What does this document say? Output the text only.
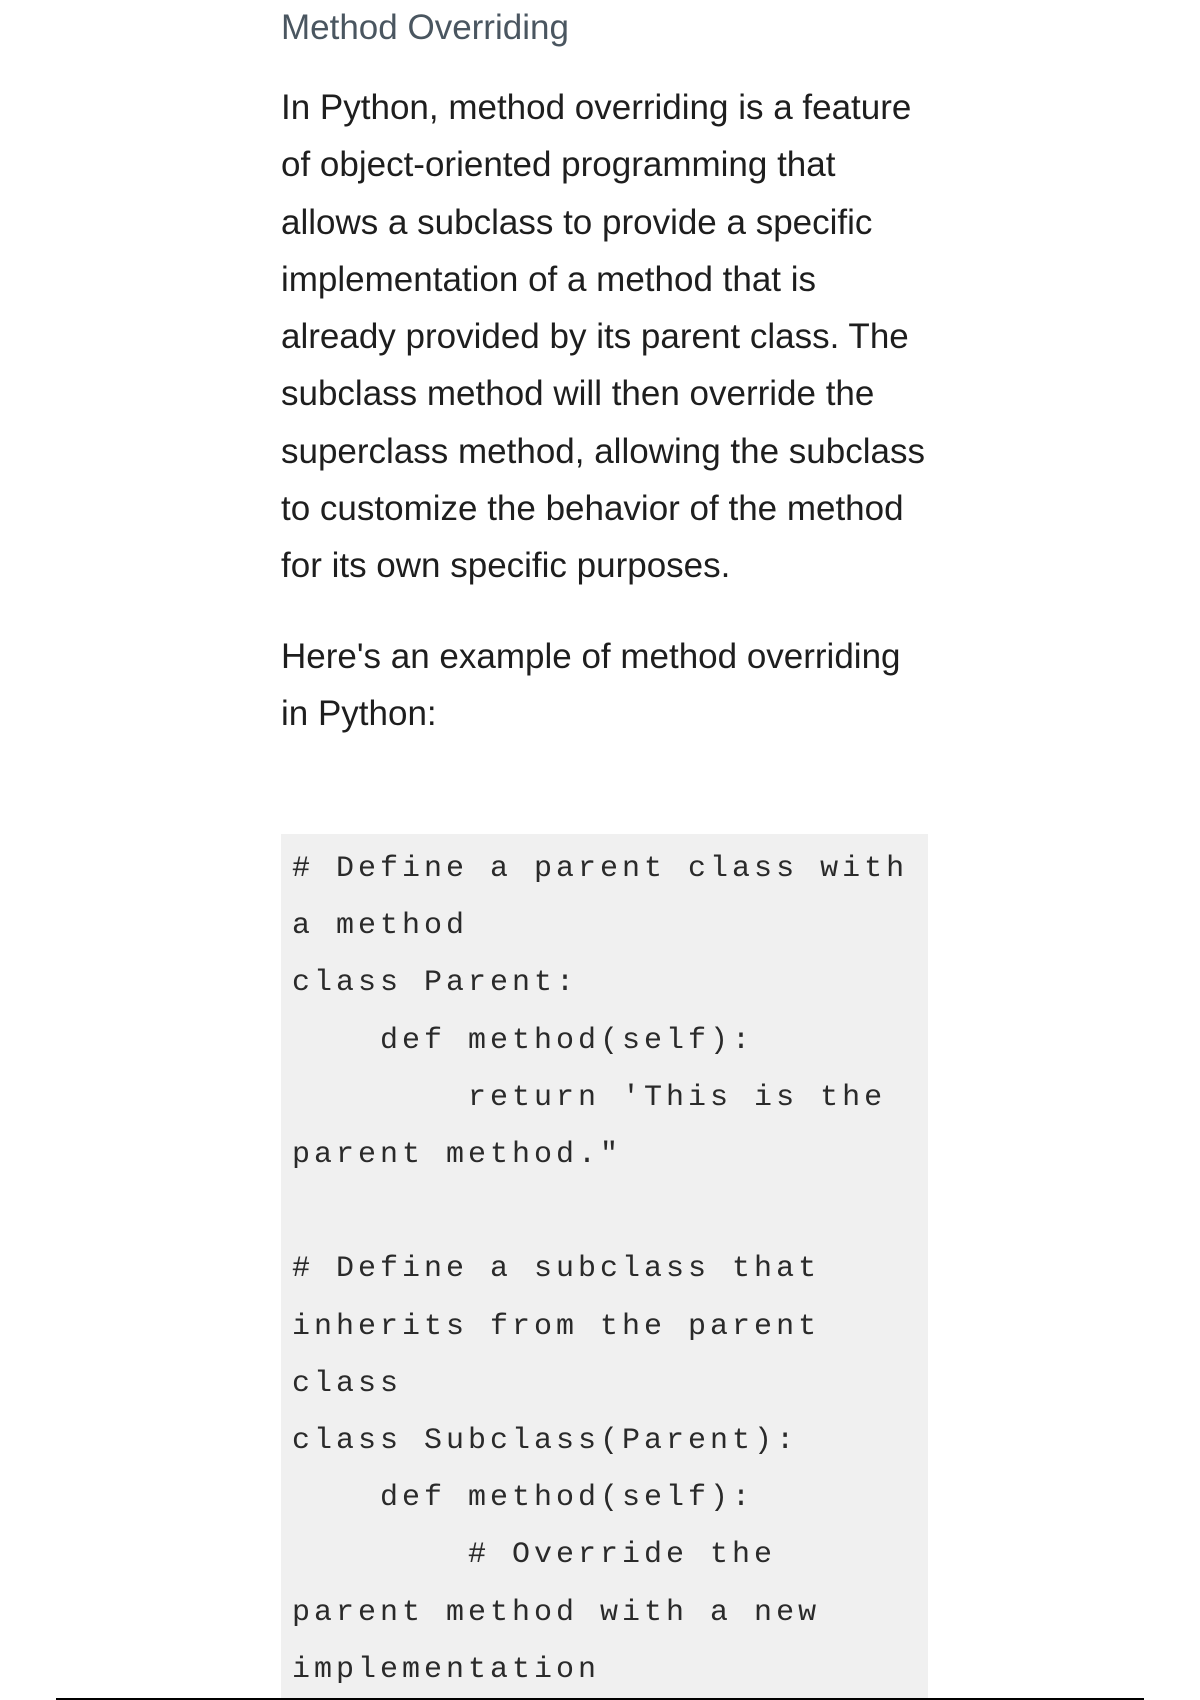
Method Overriding

In Python, method overriding is a feature of object-oriented programming that allows a subclass to provide a specific implementation of a method that is already provided by its parent class. The subclass method will then override the superclass method, allowing the subclass to customize the behavior of the method for its own specific purposes.

Here's an example of method overriding in Python:

# Define a parent class with
a method
class Parent:
def method(self):
return 'This is the
parent method."

# Define a subclass that
inherits from the parent
class
class Subclass(Parent):
def method(self):
# Override the
parent method with a new
implementation
